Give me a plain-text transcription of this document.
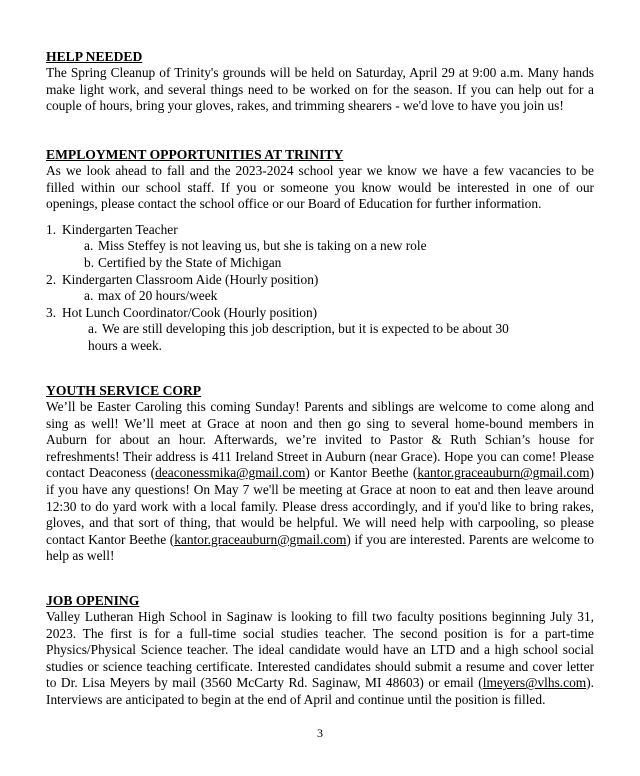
HELP NEEDED

The Spring Cleanup of Trinity's grounds will be held on Saturday, April 29 at 9:00 a.m. Many hands make light work, and several things need to be worked on for the season. If you can help out for a couple of hours, bring your gloves, rakes, and trimming shearers - we'd love to have you join us!

EMPLOYMENT OPPORTUNITIES AT TRINITY

As we look ahead to fall and the 2023-2024 school year we know we have a few vacancies to be filled within our school staff. If you or someone you know would be interested in one of our openings, please contact the school office or our Board of Education for further information.

1. Kindergarten Teacher
a. Miss Steffey is not leaving us, but she is taking on a new role
b. Certified by the State of Michigan
2. Kindergarten Classroom Aide (Hourly position)
a. max of 20 hours/week
3. Hot Lunch Coordinator/Cook (Hourly position)
a. We are still developing this job description, but it is expected to be about 30
hours a week.
YOUTH SERVICE CORP

We’ll be Easter Caroling this coming Sunday! Parents and siblings are welcome to come along and sing as well! We’ll meet at Grace at noon and then go sing to several home-bound members in Auburn for about an hour. Afterwards, we’re invited to Pastor & Ruth Schian’s house for refreshments! Their address is 411 Ireland Street in Auburn (near Grace). Hope you can come! Please contact Deaconess (deaconessmika@gmail.com) or Kantor Beethe (kantor.graceauburn@gmail.com) if you have any questions! On May 7 we'll be meeting at Grace at noon to eat and then leave around 12:30 to do yard work with a local family. Please dress accordingly, and if you'd like to bring rakes, gloves, and that sort of thing, that would be helpful. We will need help with carpooling, so please contact Kantor Beethe (kantor.graceauburn@gmail.com) if you are interested. Parents are welcome to help as well!

JOB OPENING

Valley Lutheran High School in Saginaw is looking to fill two faculty positions beginning July 31, 2023. The first is for a full-time social studies teacher. The second position is for a part-time Physics/Physical Science teacher. The ideal candidate would have an LTD and a high school social studies or science teaching certificate. Interested candidates should submit a resume and cover letter to Dr. Lisa Meyers by mail (3560 McCarty Rd. Saginaw, MI 48603) or email (lmeyers@vlhs.com). Interviews are anticipated to begin at the end of April and continue until the position is filled.

3
